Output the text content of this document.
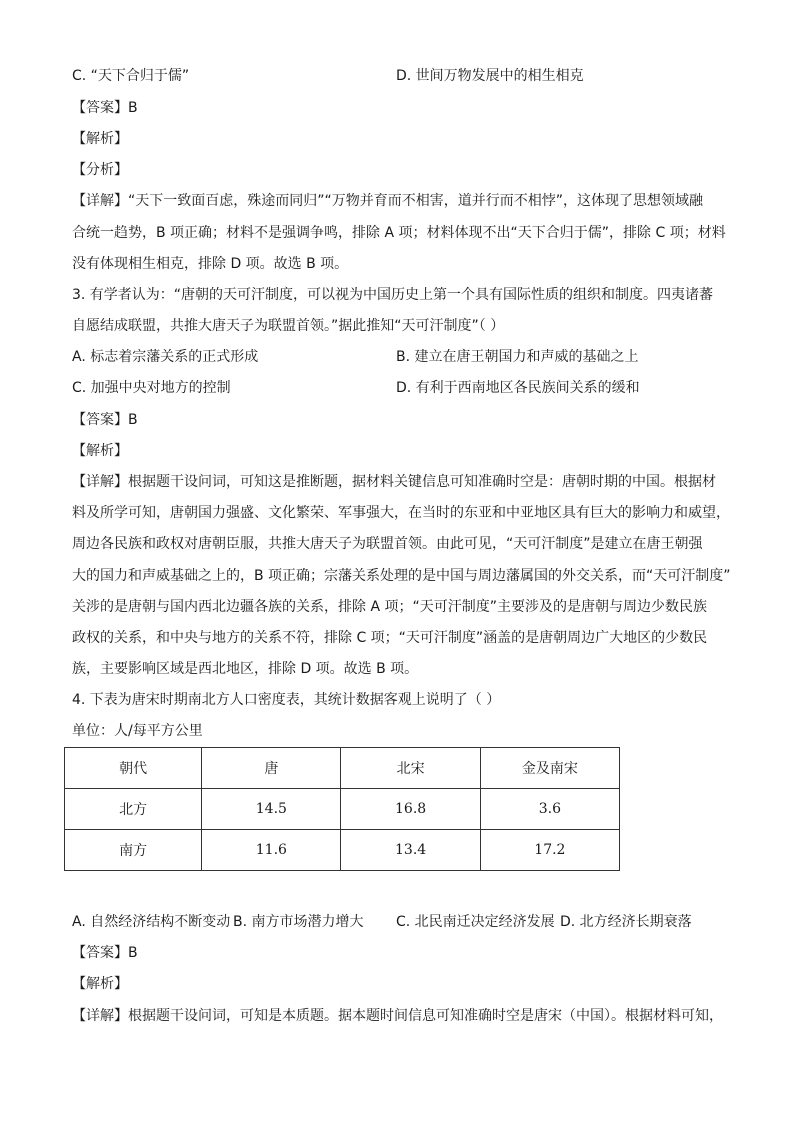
C. “天下合归于儒”	D. 世间万物发展中的相生相克
【答案】B
【解析】
【分析】
【详解】“天下一致面百虑，殊途而同归”“万物并育而不相害，道并行而不相悖”，这体现了思想领域融
合统一趋势，B 项正确；材料不是强调争鸣，排除 A 项；材料体现不出“天下合归于儒”，排除 C 项；材料
没有体现相生相克，排除 D 项。故选 B 项。
3. 有学者认为：“唐朝的天可汗制度，可以视为中国历史上第一个具有国际性质的组织和制度。四夷诸蕃
自愿结成联盟，共推大唐天子为联盟首领。”据此推知“天可汗制度”（ ）
A. 标志着宗藩关系的正式形成	B. 建立在唐王朝国力和声威的基础之上
C. 加强中央对地方的控制	D. 有利于西南地区各民族间关系的缓和
【答案】B
【解析】
【详解】根据题干设问词，可知这是推断题，据材料关键信息可知准确时空是：唐朝时期的中国。根据材
料及所学可知，唐朝国力强盛、文化繁荣、军事强大，在当时的东亚和中亚地区具有巨大的影响力和威望，
周边各民族和政权对唐朝臣服，共推大唐天子为联盟首领。由此可见，“天可汗制度”是建立在唐王朝强
大的国力和声威基础之上的，B 项正确；宗藩关系处理的是中国与周边藩属国的外交关系，而“天可汗制度”
关涉的是唐朝与国内西北边疆各族的关系，排除 A 项；“天可汗制度”主要涉及的是唐朝与周边少数民族
政权的关系，和中央与地方的关系不符，排除 C 项；“天可汗制度”涵盖的是唐朝周边广大地区的少数民
族，主要影响区域是西北地区，排除 D 项。故选 B 项。
4. 下表为唐宋时期南北方人口密度表，其统计数据客观上说明了（ ）
单位：人/每平方公里
朝代	唐	北宋	金及南宋
北方	14.5	16.8	3.6
南方	11.6	13.4	17.2
A. 自然经济结构不断变动 B. 南方市场潜力增大 C. 北民南迁决定经济发展 D. 北方经济长期衰落
【答案】B
【解析】
【详解】根据题干设问词，可知是本质题。据本题时间信息可知准确时空是唐宋（中国）。根据材料可知，
